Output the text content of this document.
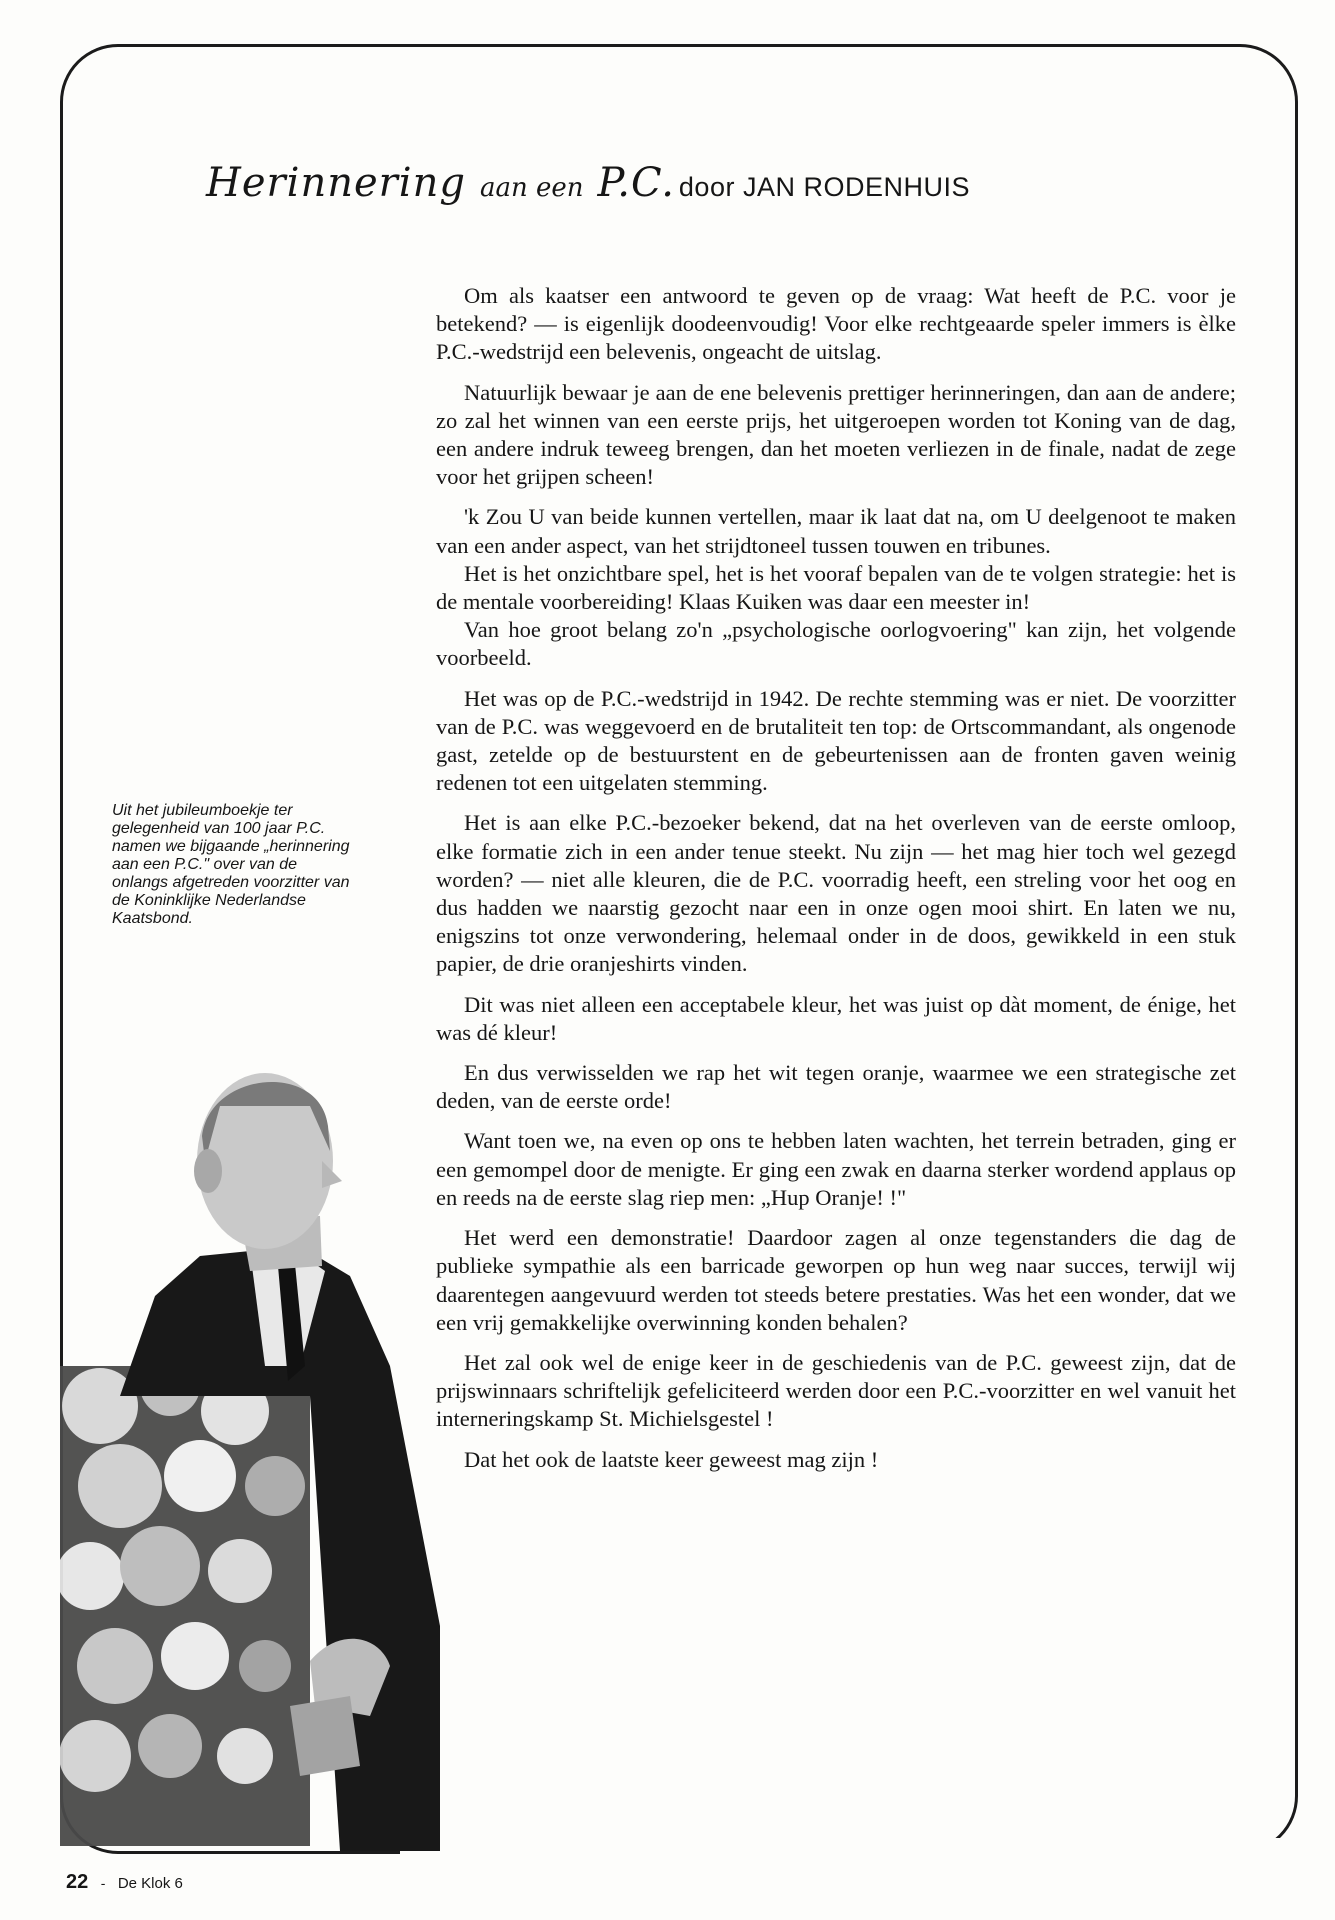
Herinnering aan een P.C. door JAN RODENHUIS

Om als kaatser een antwoord te geven op de vraag: Wat heeft de P.C. voor je betekend? — is eigenlijk doodeenvoudig! Voor elke rechtgeaarde speler immers is èlke P.C.-wedstrijd een belevenis, ongeacht de uitslag.

Natuurlijk bewaar je aan de ene belevenis prettiger herinneringen, dan aan de andere; zo zal het winnen van een eerste prijs, het uitgeroepen worden tot Koning van de dag, een andere indruk teweeg brengen, dan het moeten verliezen in de finale, nadat de zege voor het grijpen scheen!

'k Zou U van beide kunnen vertellen, maar ik laat dat na, om U deelgenoot te maken van een ander aspect, van het strijdtoneel tussen touwen en tribunes.

Het is het onzichtbare spel, het is het vooraf bepalen van de te volgen strategie: het is de mentale voorbereiding! Klaas Kuiken was daar een meester in!

Van hoe groot belang zo'n „psychologische oorlogvoering" kan zijn, het volgende voorbeeld.

Het was op de P.C.-wedstrijd in 1942. De rechte stemming was er niet. De voorzitter van de P.C. was weggevoerd en de brutaliteit ten top: de Ortscommandant, als ongenode gast, zetelde op de bestuurstent en de gebeurtenissen aan de fronten gaven weinig redenen tot een uitgelaten stemming.

Het is aan elke P.C.-bezoeker bekend, dat na het overleven van de eerste omloop, elke formatie zich in een ander tenue steekt. Nu zijn — het mag hier toch wel gezegd worden? — niet alle kleuren, die de P.C. voorradig heeft, een streling voor het oog en dus hadden we naarstig gezocht naar een in onze ogen mooi shirt. En laten we nu, enigszins tot onze verwondering, helemaal onder in de doos, gewikkeld in een stuk papier, de drie oranjeshirts vinden.

Dit was niet alleen een acceptabele kleur, het was juist op dàt moment, de énige, het was dé kleur!

En dus verwisselden we rap het wit tegen oranje, waarmee we een strategische zet deden, van de eerste orde!

Want toen we, na even op ons te hebben laten wachten, het terrein betraden, ging er een gemompel door de menigte. Er ging een zwak en daarna sterker wordend applaus op en reeds na de eerste slag riep men: „Hup Oranje! !"

Het werd een demonstratie! Daardoor zagen al onze tegenstanders die dag de publieke sympathie als een barricade geworpen op hun weg naar succes, terwijl wij daarentegen aangevuurd werden tot steeds betere prestaties. Was het een wonder, dat we een vrij gemakkelijke overwinning konden behalen?

Het zal ook wel de enige keer in de geschiedenis van de P.C. geweest zijn, dat de prijswinnaars schriftelijk gefeliciteerd werden door een P.C.-voorzitter en wel vanuit het interneringskamp St. Michielsgestel !

Dat het ook de laatste keer geweest mag zijn !

Uit het jubileumboekje ter gelegenheid van 100 jaar P.C. namen we bijgaande „herinnering aan een P.C." over van de onlangs afgetreden voorzitter van de Koninklijke Nederlandse Kaatsbond.
22 - De Klok 6
